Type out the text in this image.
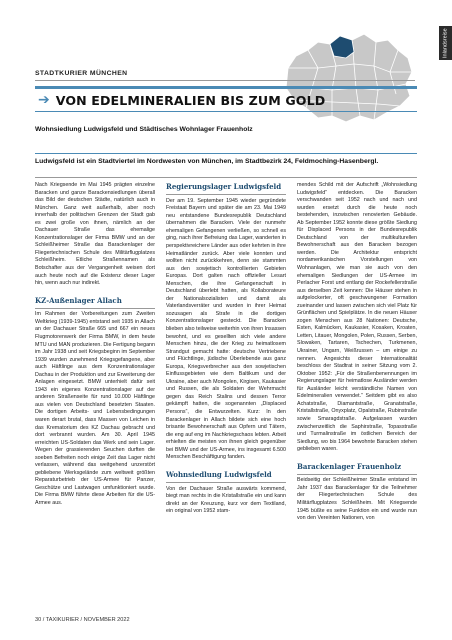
Inlandsreise
STADTKURIER MÜNCHEN
➔ VON EDELMINERALIEN BIS ZUM GOLD
Wohnsiedlung Ludwigsfeld und Städtisches Wohnlager Frauenholz
Ludwigsfeld ist ein Stadtviertel im Nordwesten von München, im Stadtbezirk 24, Feldmoching-Hasenbergl.

Nach Kriegsende im Mai 1945 prägten einzelne Baracken und ganze Barackensiedlungen überall das Bild der deutschen Städte, natürlich auch in München. Ganz weit außerhalb, aber noch innerhalb der politischen Grenzen der Stadt gab es zwei große von ihnen, nämlich an der Dachauer Straße das ehemalige Konzentrationslager der Firma BMW und an der Schleißheimer Straße das Barackenlager der Fliegertechnischen Schule des Militärflugplatzes Schleißheim. Etliche Straßennamen als Botschafter aus der Vergangenheit weisen dort auch heute noch auf die Existenz dieser Lager hin, wenn auch nur indirekt.

KZ-Außenlager Allach

Im Rahmen der Vorbereitungen zum Zweiten Weltkrieg (1939-1945) entstand seit 1935 in Allach an der Dachauer Straße 665 und 667 ein neues Flugmotorenwerk der Firma BMW, in dem heute MTU und MAN produzieren. Die Fertigung begann im Jahr 1938 und seit Kriegsbeginn im September 1939 wurden zunehmend Kriegsgefangene, aber auch Häftlinge aus dem Konzentrationslager Dachau in der Produktion und zur Erweiterung der Anlagen eingesetzt. BMW unterhielt dafür seit 1943 ein eigenes Konzentrationslager auf der anderen Straßenseite für rund 10.000 Häftlinge aus vielen von Deutschland besetzten Staaten. Die dortigen Arbeits- und Lebensbedingungen waren derart brutal, dass Massen von Leichen in das Krematorium des KZ Dachau gebracht und dort verbrannt wurden. Am 30. April 1945 erreichten US-Soldaten das Werk und sein Lager. Wegen der grassierenden Seuchen durften die soeben Befreiten noch einige Zeit das Lager nicht verlassen, während das weitgehend unzerstört gebliebene Werksgelände zum weltweit größten Reparaturbetrieb der US-Armee für Panzer, Geschütze und Lastwagen umfunktioniert wurde. Die Firma BMW führte diese Arbeiten für die US-Armee aus.

Regierungslager Ludwigsfeld

Der am 19. September 1945 wieder gegründete Freistaat Bayern und später die am 23. Mai 1949 neu entstandene Bundesrepublik Deutschland übernahmen die Baracken. Viele der nunmehr ehemaligen Gefangenen verließen, so schnell es ging, nach ihrer Befreiung das Lager, wanderten in perspektivreichere Länder aus oder kehrten in ihre Heimatländer zurück. Aber viele konnten und wollten nicht zurückkehren, denn sie stammten aus den sowjetisch kontrollierten Gebieten Europas. Dort galten nach offizieller Lesart Menschen, die ihre Gefangenschaft in Deutschland überlebt hatten, als Kollaborateure der Nationalsozialisten und damit als Vaterlandsverräter und wurden in ihrer Heimat sozusagen als Strafe in die dortigen Konzentrationslager gesteckt. Die Baracken blieben also teilweise weiterhin von ihren Insassen bewohnt, und es gesellten sich viele andere Menschen hinzu, die der Krieg zu heimatlosem Strandgut gemacht hatte: deutsche Vertriebene und Flüchtlinge, jüdische Überlebende aus ganz Europa, Kriegsverbrecher aus den sowjetischen Einflussgebieten wie dem Baltikum und der Ukraine, aber auch Mongolen, Kirgisen, Kaukasier und Russen, die als Soldaten der Wehrmacht gegen das Reich Stalins und dessen Terror gekämpft hatten, die sogenannten „Displaced Persons“, die Entwurzelten. Kurz: In den Barackenlager in Allach bildete sich eine hoch brisante Bewohnerschaft aus Opfern und Tätern, die eng auf eng im Nachkriegschaos lebten. Arbeit erhielten die meisten von ihnen gleich gegenüber bei BMW und der US-Armee, ins insgesamt 6.500 Menschen Beschäftigung fanden.

Wohnsiedlung Ludwigsfeld

Von der Dachauer Straße auswärts kommend, biegt man rechts in die Kristallstraße ein und kann direkt an der Kreuzung, kurz vor dem Textiland, ein original von 1952 stam-

mendes Schild mit der Aufschrift „Wohnsiedlung Ludwigsfeld“ entdecken. Die Baracken verschwanden seit 1952 nach und nach und wurden ersetzt durch die heute noch bestehenden, inzwischen renovierten Gebäude. Ab September 1952 konnte diese größte Siedlung für Displaced Persons in der Bundesrepublik Deutschland von der multikulturellen Bewohnerschaft aus den Baracken bezogen werden. Die Architektur entspricht nordamerikanischen Vorstellungen von Wohnanlagen, wie man sie auch von den ehemaligen Siedlungen der US-Armee im Perlacher Forst und entlang der Rockefellerstraße aus derselben Zeit kennen: Die Häuser stehen in aufgelockerter, oft geschwungener Formation zueinander und lassen zwischen sich viel Platz für Grünflächen und Spielplätze. In die neuen Häuser zogen Menschen aus 28 Nationen: Deutsche, Esten, Kalmücken, Kaukasier, Kosaken, Kroaten, Letten, Litauer, Mongolen, Polen, Russen, Serben, Slowaken, Tartaren, Tschechen, Turkmenen, Ukrainer, Ungarn, Weißrussen – um einige zu nennen. Angesichts dieser Internationalität beschloss der Stadtrat in seiner Sitzung vom 2. Oktober 1952: „Für die Straßenbenennungen im Regierungslager für heimatlose Ausländer werden für Ausländer leicht verständliche Namen von Edelmineralien verwendet.“ Seitdem gibt es also Achatstraße, Diamantstraße, Granatstraße, Kristallstraße, Onyxplatz, Opalstraße, Rubinstraße sowie Smaragdstraße. Aufgelassen wurden zwischenzeitlich die Saphirstraße, Topasstraße und Turmalinstraße im östlichen Bereich der Siedlung, wo bis 1964 bewohnte Baracken stehen geblieben waren.

Barackenlager Frauenholz

Beidseitig der Schleißheimer Straße entstand im Jahr 1937 das Barackenlager für die Teilnehmer der Fliegertechnischen Schule des Militärflugplatzes Schleißheim. Mit Kriegsende 1945 büßte es seine Funktion ein und wurde nun von den Vereinten Nationen, von

30 / TAXIKURIER / NOVEMBER 2022
